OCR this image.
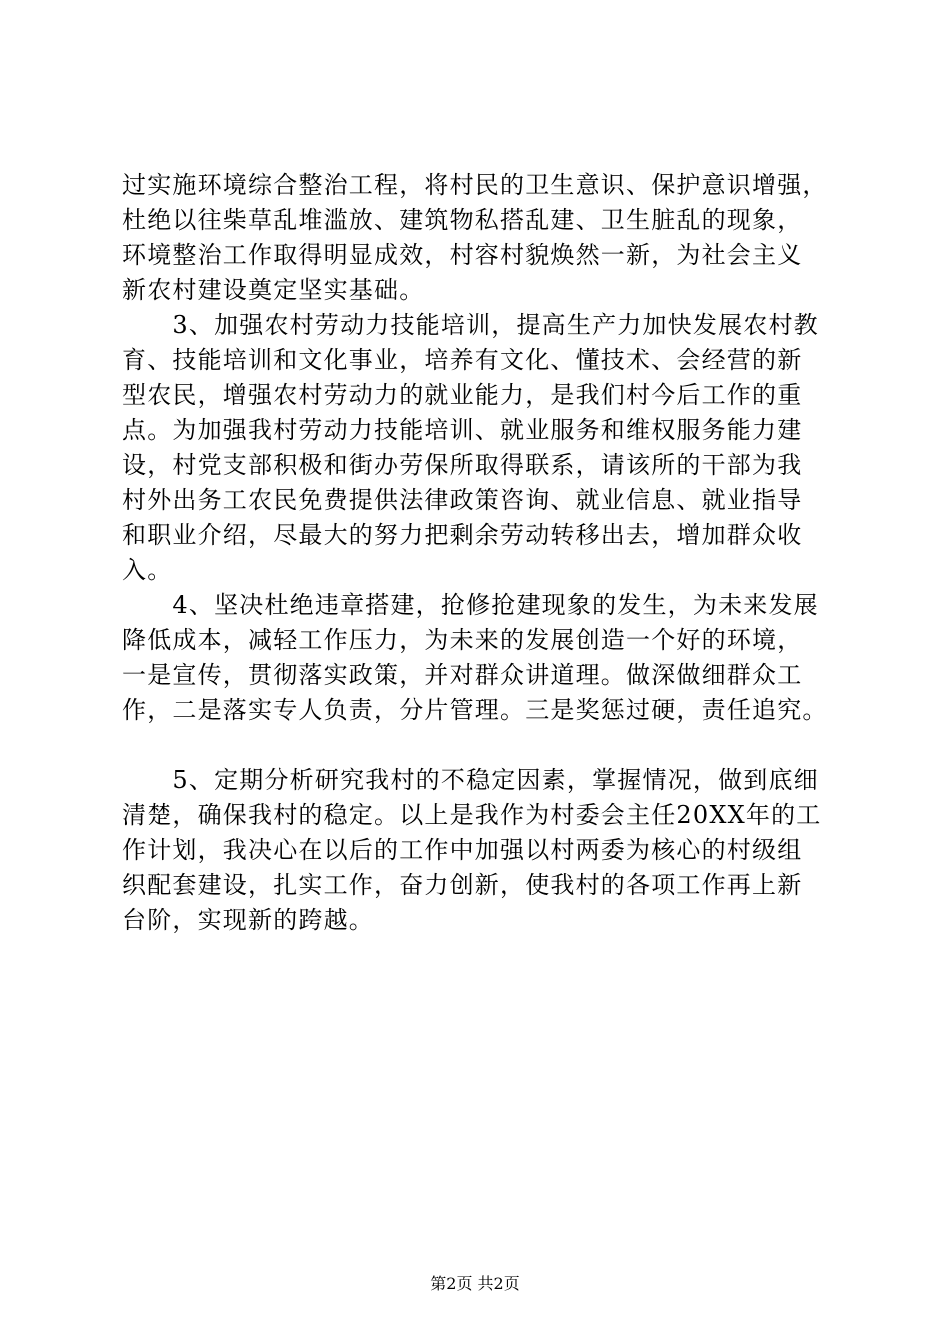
过实施环境综合整治工程，将村民的卫生意识、保护意识增强，
杜绝以往柴草乱堆滥放、建筑物私搭乱建、卫生脏乱的现象，
环境整治工作取得明显成效，村容村貌焕然一新，为社会主义
新农村建设奠定坚实基础。
　　3、加强农村劳动力技能培训，提高生产力加快发展农村教
育、技能培训和文化事业，培养有文化、懂技术、会经营的新
型农民，增强农村劳动力的就业能力，是我们村今后工作的重
点。为加强我村劳动力技能培训、就业服务和维权服务能力建
设，村党支部积极和街办劳保所取得联系，请该所的干部为我
村外出务工农民免费提供法律政策咨询、就业信息、就业指导
和职业介绍，尽最大的努力把剩余劳动转移出去，增加群众收
入。
　　4、坚决杜绝违章搭建，抢修抢建现象的发生，为未来发展
降低成本，减轻工作压力，为未来的发展创造一个好的环境，
一是宣传，贯彻落实政策，并对群众讲道理。做深做细群众工
作，二是落实专人负责，分片管理。三是奖惩过硬，责任追究。
　　5、定期分析研究我村的不稳定因素，掌握情况，做到底细
清楚，确保我村的稳定。以上是我作为村委会主任20XX年的工
作计划，我决心在以后的工作中加强以村两委为核心的村级组
织配套建设，扎实工作，奋力创新，使我村的各项工作再上新
台阶，实现新的跨越。
第2页 共2页
